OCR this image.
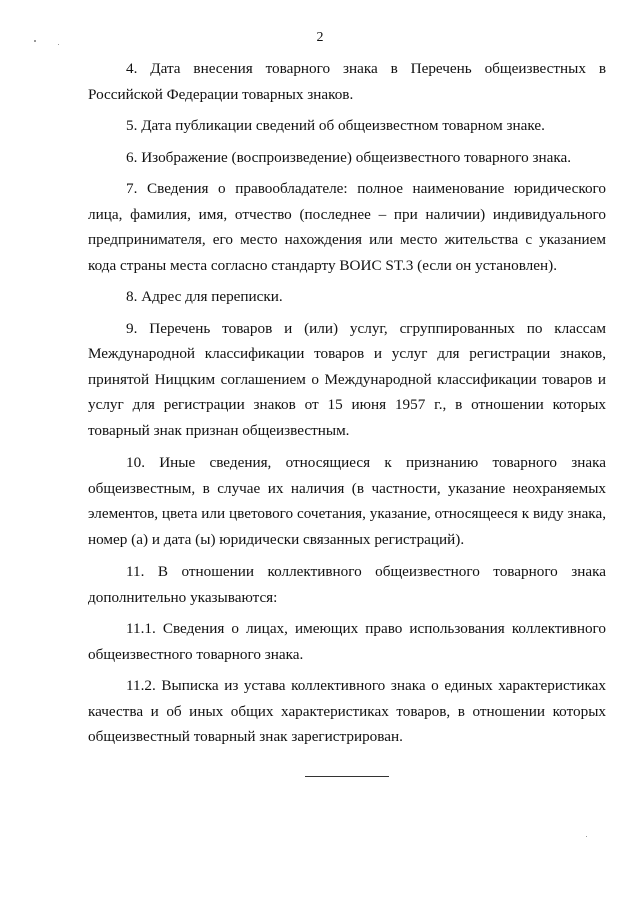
2

4. Дата внесения товарного знака в Перечень общеизвестных в Российской Федерации товарных знаков.

5. Дата публикации сведений об общеизвестном товарном знаке.

6. Изображение (воспроизведение) общеизвестного товарного знака.

7. Сведения о правообладателе: полное наименование юридического лица, фамилия, имя, отчество (последнее – при наличии) индивидуального предпринимателя, его место нахождения или место жительства с указанием кода страны места согласно стандарту ВОИС ST.3 (если он установлен).

8. Адрес для переписки.

9. Перечень товаров и (или) услуг, сгруппированных по классам Международной классификации товаров и услуг для регистрации знаков, принятой Ниццким соглашением о Международной классификации товаров и услуг для регистрации знаков от 15 июня 1957 г., в отношении которых товарный знак признан общеизвестным.

10. Иные сведения, относящиеся к признанию товарного знака общеизвестным, в случае их наличия (в частности, указание неохраняемых элементов, цвета или цветового сочетания, указание, относящееся к виду знака, номер (а) и дата (ы) юридически связанных регистраций).

11. В отношении коллективного общеизвестного товарного знака дополнительно указываются:

11.1. Сведения о лицах, имеющих право использования коллективного общеизвестного товарного знака.

11.2. Выписка из устава коллективного знака о единых характеристиках качества и об иных общих характеристиках товаров, в отношении которых общеизвестный товарный знак зарегистрирован.
